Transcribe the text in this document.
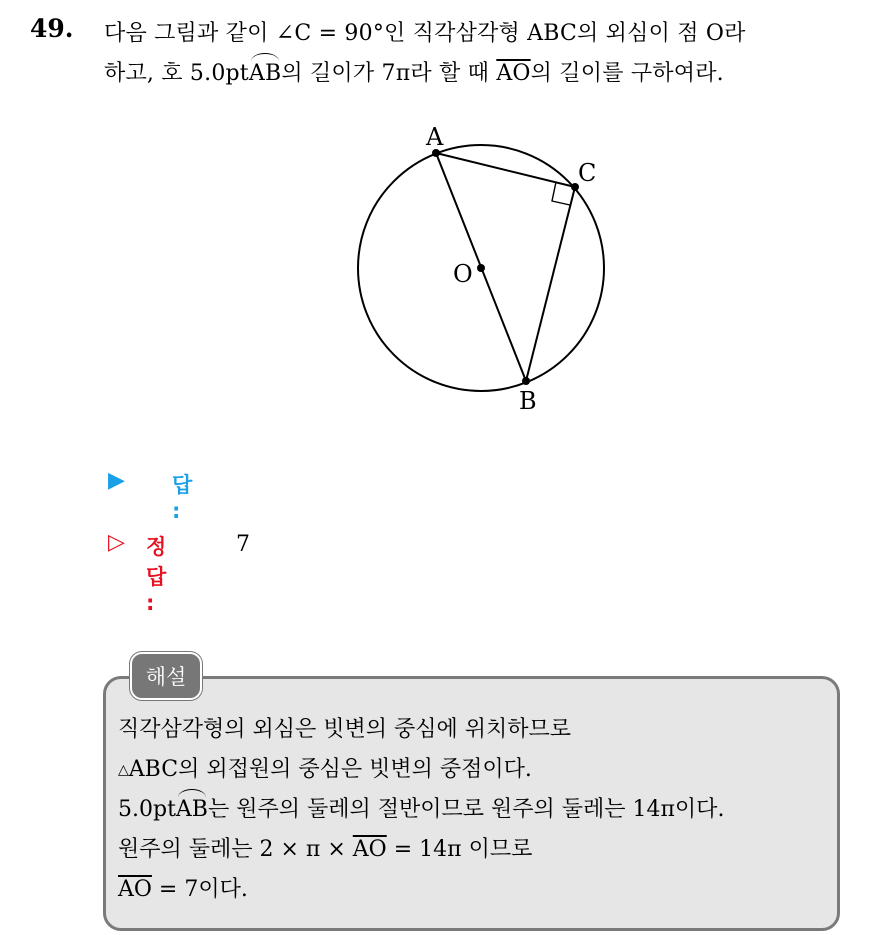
49. 다음 그림과 같이 ∠C = 90°인 직각삼각형 ABC의 외심이 점 O라
하고, 호 5.0pt
AB의 길이가 7π라 할 때 $\overline{AO}$의 길이를 구하여라.
A
C
O
B
▶ 답 :
▷ 정답 :
7
해설
직각삼각형의 외심은 빗변의 중심에 위치하므로
△ABC의 외접원의 중심은 빗변의 중점이다.
5.0pt
AB는 원주의 둘레의 절반이므로 원주의 둘레는 14π이다.
원주의 둘레는 $2 \times \pi \times \overline{AO} = 14\pi$ 이므로
$\overline{AO} = 7$이다.
